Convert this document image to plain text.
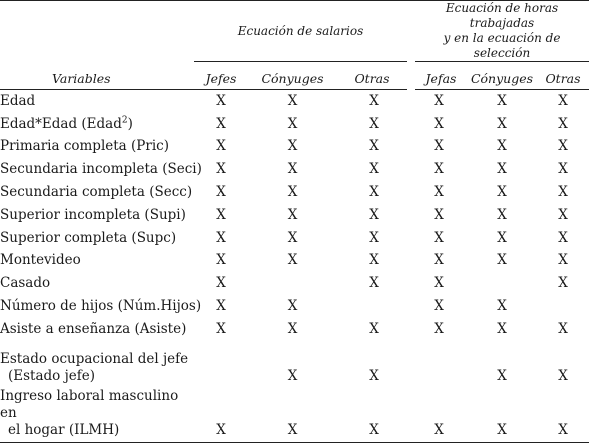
	Ecuación de salarios			Ecuación de horas trabajadas
y en la ecuación de selección		
Variables	Jefes	Cónyuges	Otras	Jefas	Cónyuges	Otras
Edad	X	X	X	X	X	X
Edad*Edad (Edad$^2$)	X	X	X	X	X	X
Primaria completa (Pric)	X	X	X	X	X	X
Secundaria incompleta (Seci)	X	X	X	X	X	X
Secundaria completa (Secc)	X	X	X	X	X	X
Superior incompleta (Supi)	X	X	X	X	X	X
Superior completa (Supc)	X	X	X	X	X	X
Montevideo	X	X	X	X	X	X
Casado	X		X	X		X
Número de hijos (Núm.Hijos)	X	X		X	X	
Asiste a enseñanza (Asiste)	X	X	X	X	X	X
Estado ocupacional del jefe
(Estado jefe)		X	X		X	X
Ingreso laboral masculino en
el hogar (ILMH)	X	X	X	X	X	X
